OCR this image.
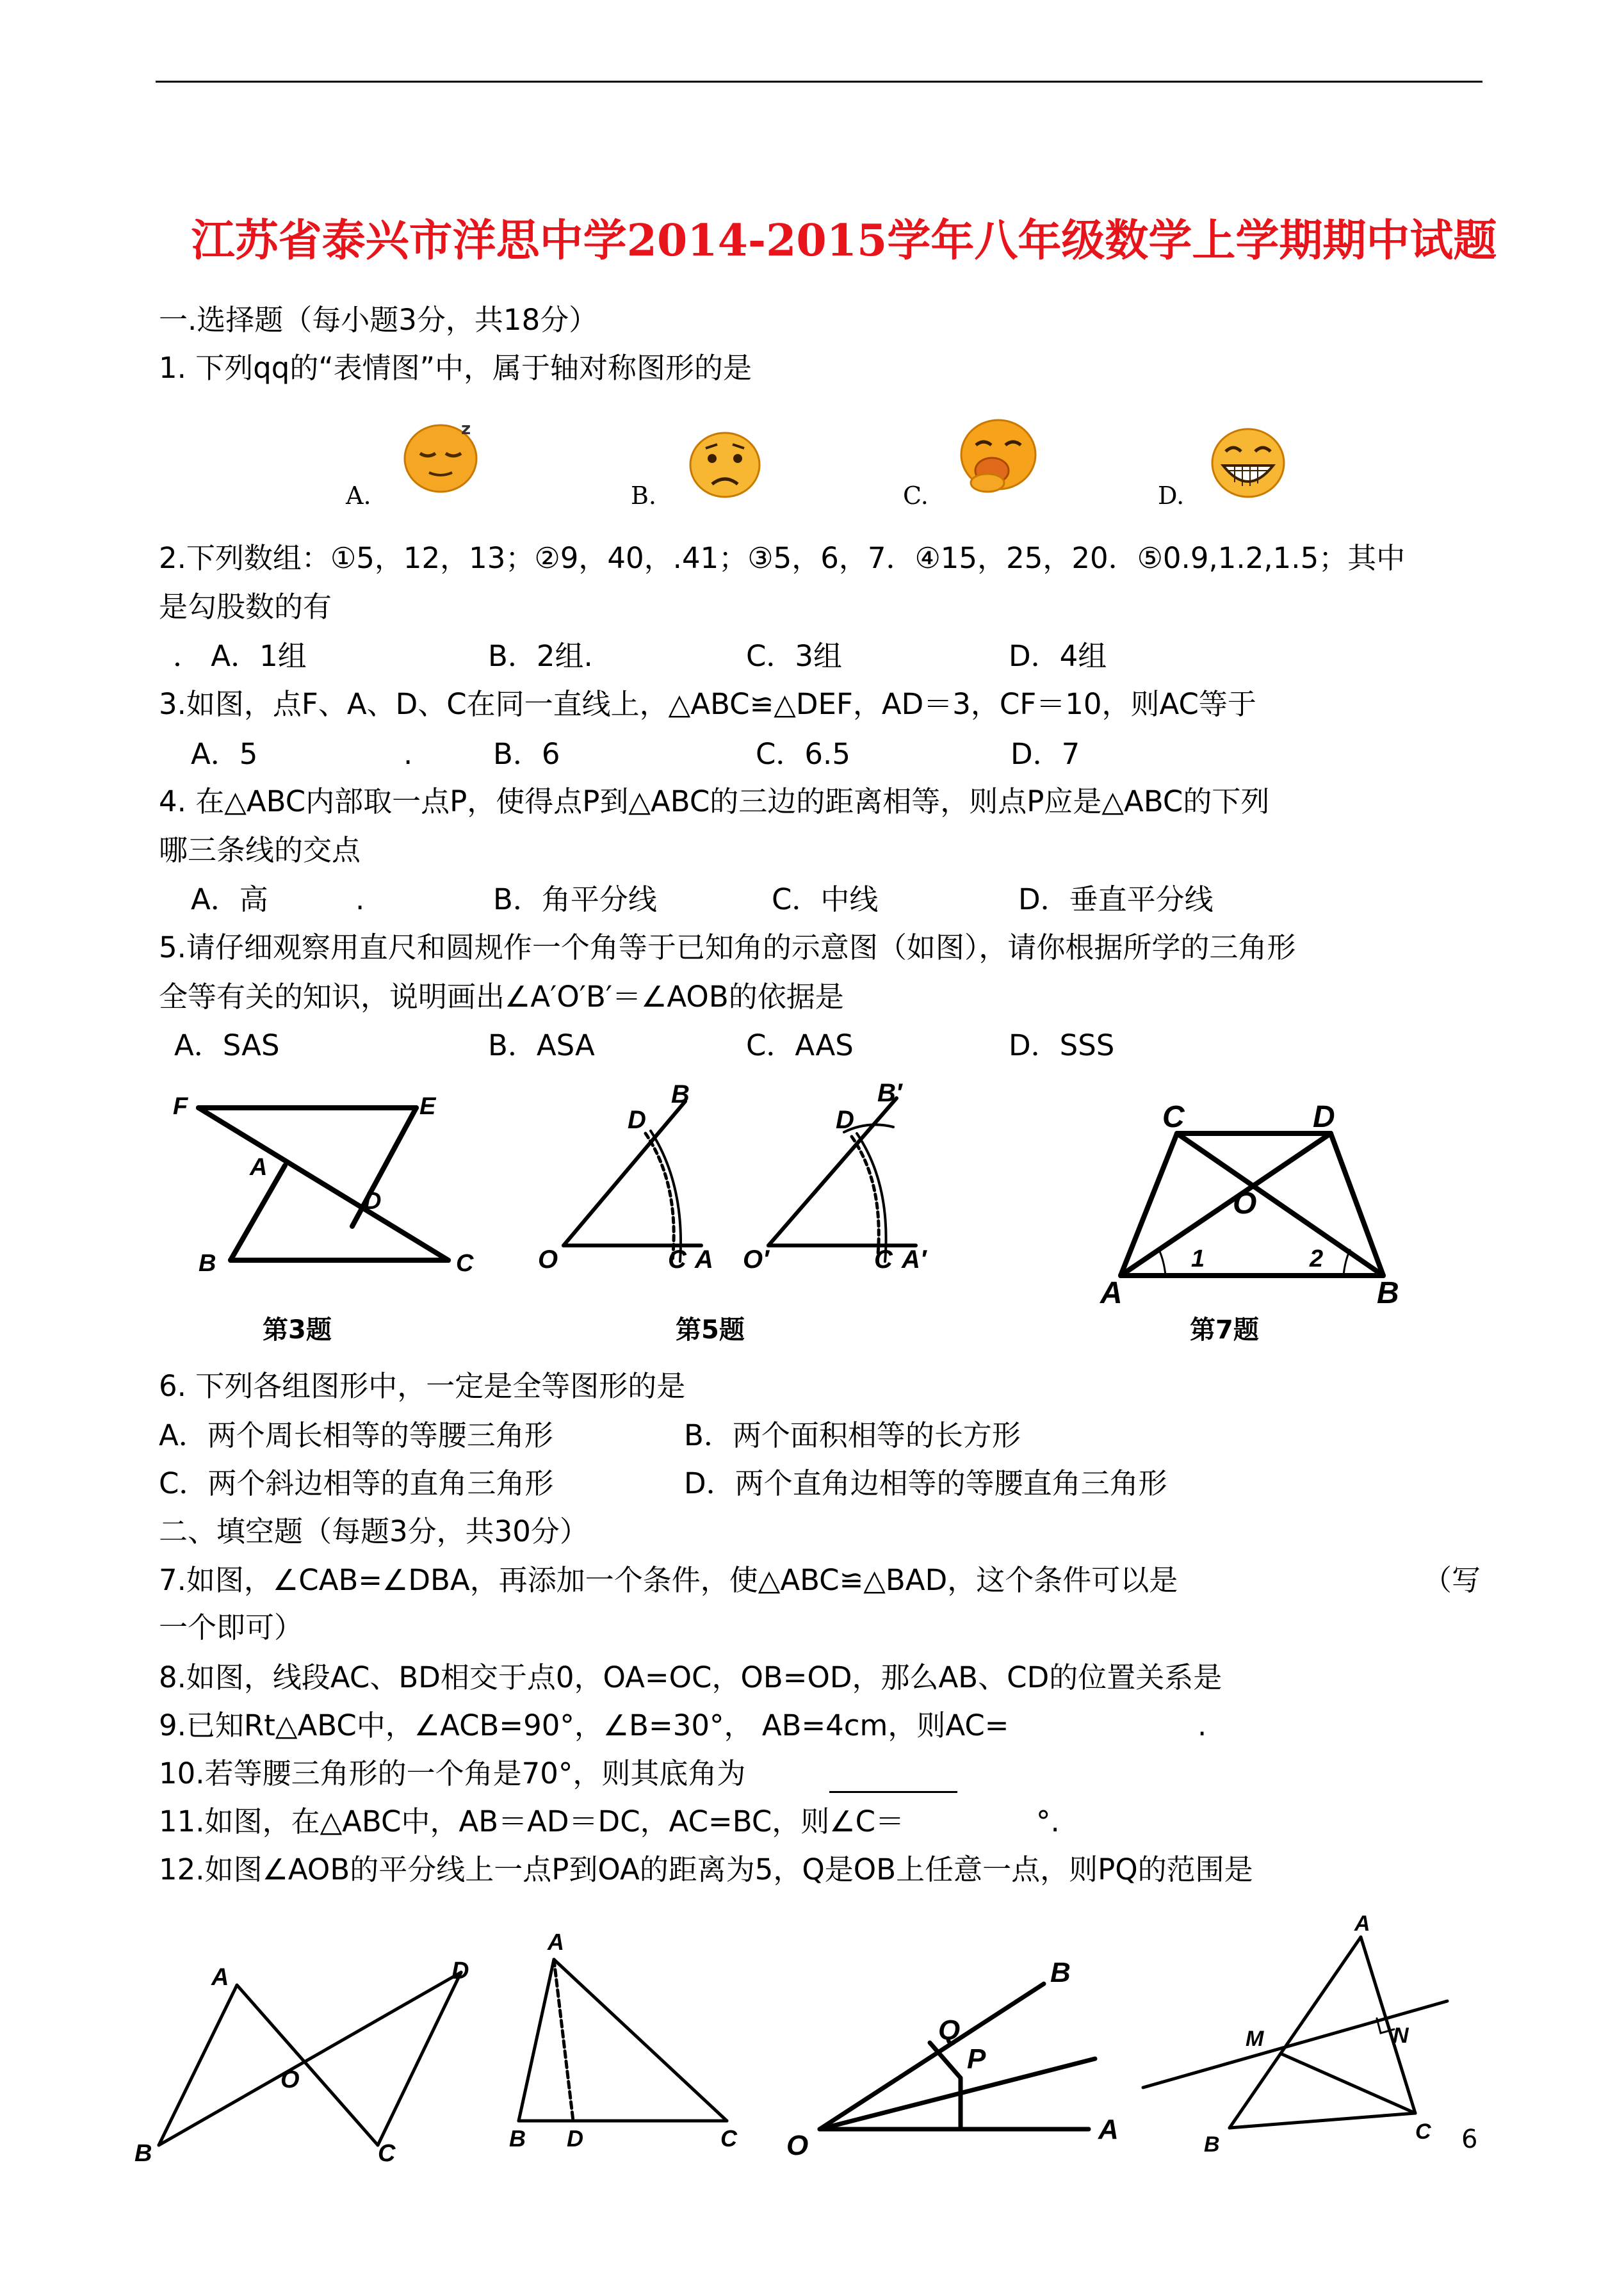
江苏省泰兴市洋思中学2014-2015学年八年级数学上学期期中试题
一.选择题（每小题3分，共18分）
1. 下列qq的“表情图”中，属于轴对称图形的是
A.
z
B.	C.	D.
2.下列数组：①5，12，13；②9，40，.41；③5，6，7．④15，25，20．⑤0.9,1.2,1.5；其中
是勾股数的有
． A．1组	B．2组.	C．3组	D．4组
3.如图，点F、A、D、C在同一直线上，△ABC≌△DEF，AD＝3，CF＝10，则AC等于
A．5	.	B．6	C．6.5	D．7
4. 在△ABC内部取一点P，使得点P到△ABC的三边的距离相等，则点P应是△ABC的下列
哪三条线的交点
A．高	.	B．角平分线	C．中线	D．垂直平分线
5.请仔细观察用直尺和圆规作一个角等于已知角的示意图（如图），请你根据所学的三角形
全等有关的知识，说明画出∠A′O′B′＝∠AOB的依据是
A．SAS	B．ASA	C．AAS	D．SSS
F	E
A
D
B	C
第3题
B
D
O	C A
B′
D
O′	C A′
第5题
C	D
O
1	2
A	B
第7题
6. 下列各组图形中，一定是全等图形的是
A．两个周长相等的等腰三角形	B．两个面积相等的长方形
C．两个斜边相等的直角三角形	D．两个直角边相等的等腰直角三角形
二、填空题（每题3分，共30分）
7.如图，∠CAB=∠DBA，再添加一个条件，使△ABC≌△BAD，这个条件可以是	（写
一个即可）
8.如图，线段AC、BD相交于点0，OA=OC，OB=OD，那么AB、CD的位置关系是
9.已知Rt△ABC中，∠ACB=90°，∠B=30°， AB=4cm，则AC=	.
10.若等腰三角形的一个角是70°，则其底角为
11.如图，在△ABC中，AB＝AD＝DC，AC=BC，则∠C＝	°.
12.如图∠AOB的平分线上一点P到OA的距离为5，Q是OB上任意一点，则PQ的范围是
A	D
O
B	C
A
B D	C
B
Q
P
O
A
A
M	N
B
C 6
